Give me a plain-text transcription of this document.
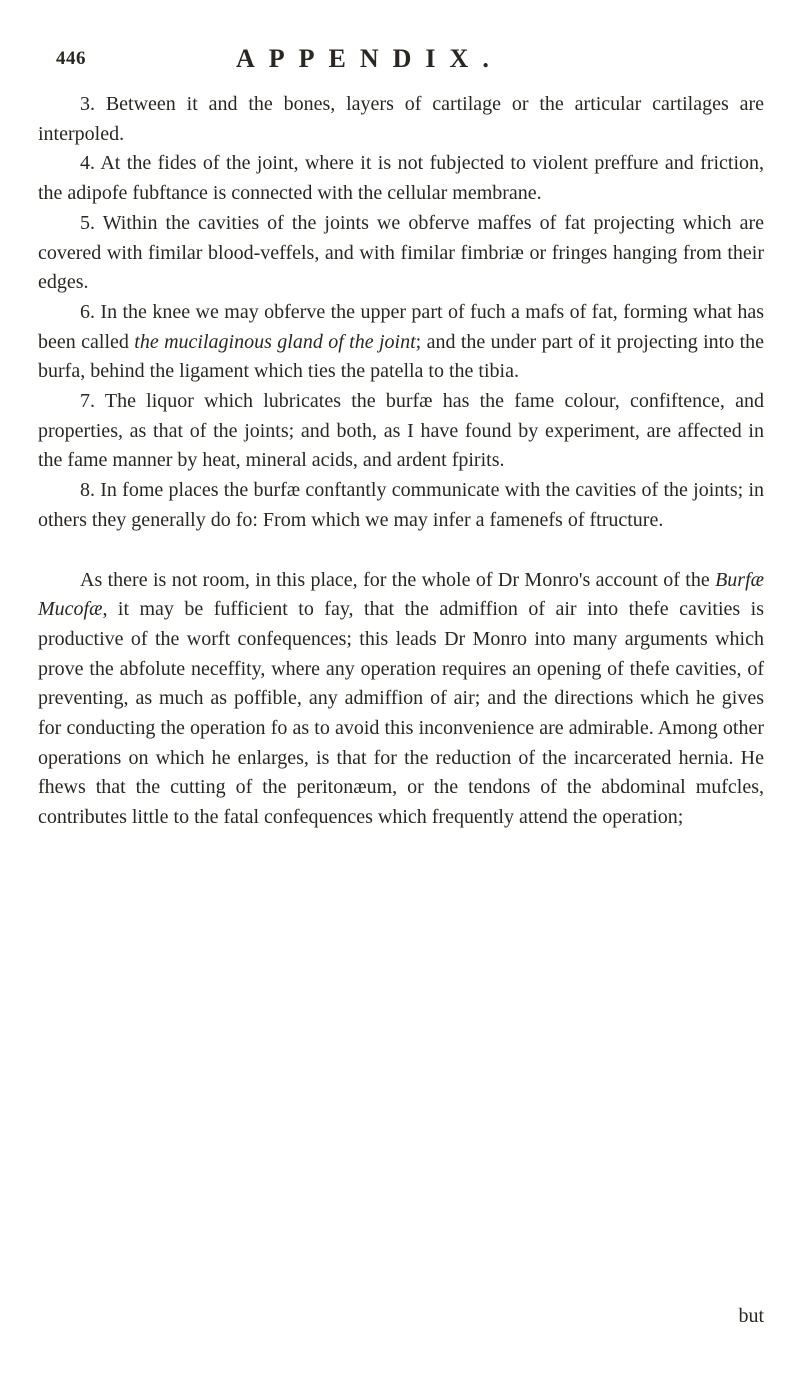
446	APPENDIX.

3. Between it and the bones, layers of cartilage or the articular cartilages are interpoled.

4. At the fides of the joint, where it is not fubjected to violent preffure and friction, the adipofe fubftance is connected with the cellular membrane.

5. Within the cavities of the joints we obferve maffes of fat projecting which are covered with fimilar blood-veffels, and with fimilar fimbriæ or fringes hanging from their edges.

6. In the knee we may obferve the upper part of fuch a mafs of fat, forming what has been called the mucilaginous gland of the joint; and the under part of it projecting into the burfa, behind the ligament which ties the patella to the tibia.

7. The liquor which lubricates the burfæ has the fame colour, confiftence, and properties, as that of the joints; and both, as I have found by experiment, are affected in the fame manner by heat, mineral acids, and ardent fpirits.

8. In fome places the burfæ conftantly communicate with the cavities of the joints; in others they generally do fo: From which we may infer a famenefs of ftructure.

As there is not room, in this place, for the whole of Dr Monro's account of the Burfæ Mucofæ, it may be fufficient to fay, that the admiffion of air into thefe cavities is productive of the worft confequences; this leads Dr Monro into many arguments which prove the abfolute neceffity, where any operation requires an opening of thefe cavities, of preventing, as much as poffible, any admiffion of air; and the directions which he gives for conducting the operation fo as to avoid this inconvenience are admirable. Among other operations on which he enlarges, is that for the reduction of the incarcerated hernia. He fhews that the cutting of the peritonæum, or the tendons of the abdominal mufcles, contributes little to the fatal confequences which frequently attend the operation;

but
